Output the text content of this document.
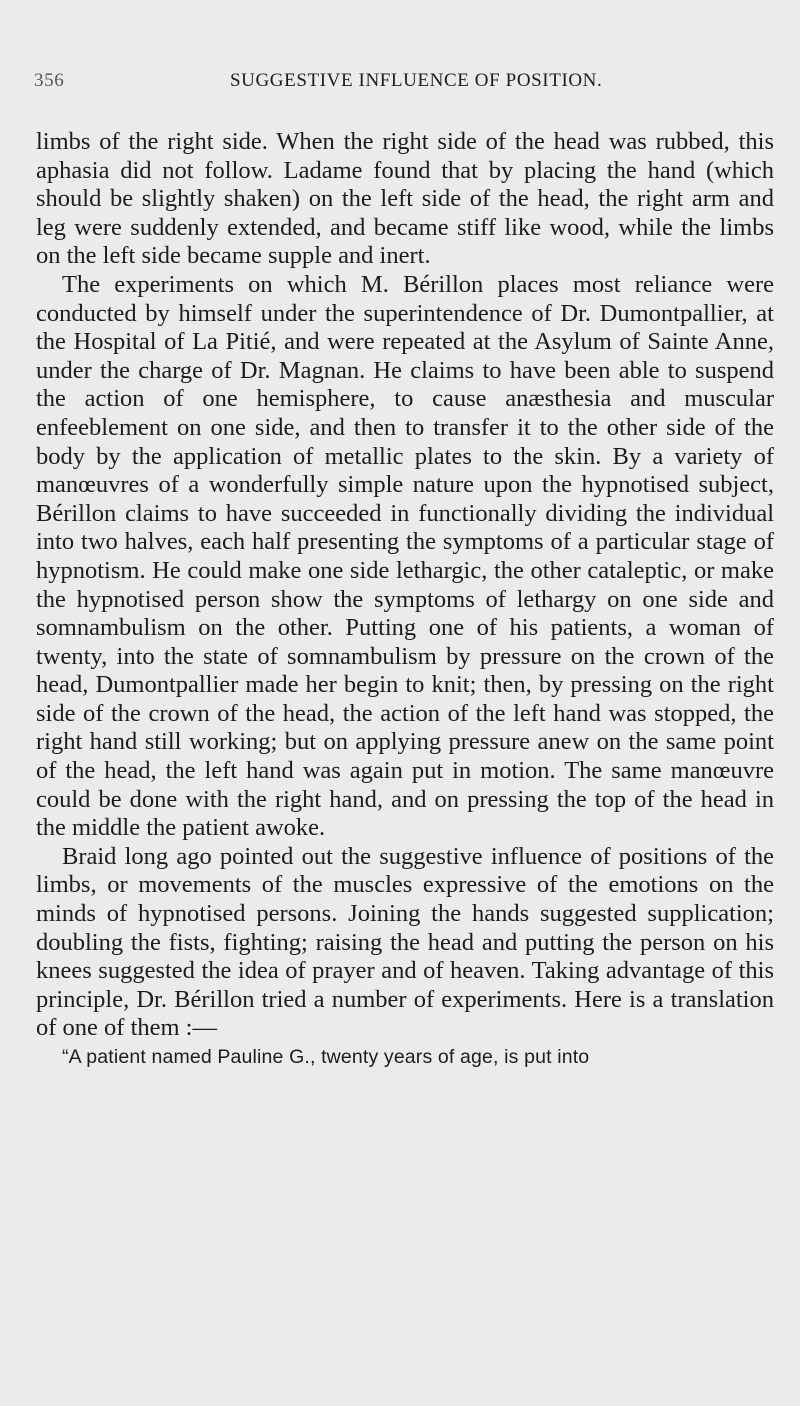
356	SUGGESTIVE INFLUENCE OF POSITION.

limbs of the right side. When the right side of the head was rubbed, this aphasia did not follow. Ladame found that by placing the hand (which should be slightly shaken) on the left side of the head, the right arm and leg were suddenly extended, and became stiff like wood, while the limbs on the left side became supple and inert.

The experiments on which M. Bérillon places most reliance were conducted by himself under the superintendence of Dr. Dumontpallier, at the Hospital of La Pitié, and were repeated at the Asylum of Sainte Anne, under the charge of Dr. Magnan. He claims to have been able to suspend the action of one hemisphere, to cause anæsthesia and muscular enfeeblement on one side, and then to transfer it to the other side of the body by the application of metallic plates to the skin. By a variety of manœuvres of a wonderfully simple nature upon the hypnotised subject, Bérillon claims to have succeeded in functionally dividing the individual into two halves, each half presenting the symptoms of a particular stage of hypnotism. He could make one side lethargic, the other cataleptic, or make the hypnotised person show the symptoms of lethargy on one side and somnambulism on the other. Putting one of his patients, a woman of twenty, into the state of somnambulism by pressure on the crown of the head, Dumontpallier made her begin to knit; then, by pressing on the right side of the crown of the head, the action of the left hand was stopped, the right hand still working; but on applying pressure anew on the same point of the head, the left hand was again put in motion. The same manœuvre could be done with the right hand, and on pressing the top of the head in the middle the patient awoke.

Braid long ago pointed out the suggestive influence of positions of the limbs, or movements of the muscles expressive of the emotions on the minds of hypnotised persons. Joining the hands suggested supplication; doubling the fists, fighting; raising the head and putting the person on his knees suggested the idea of prayer and of heaven. Taking advantage of this principle, Dr. Bérillon tried a number of experiments. Here is a translation of one of them :—

“A patient named Pauline G., twenty years of age, is put into
